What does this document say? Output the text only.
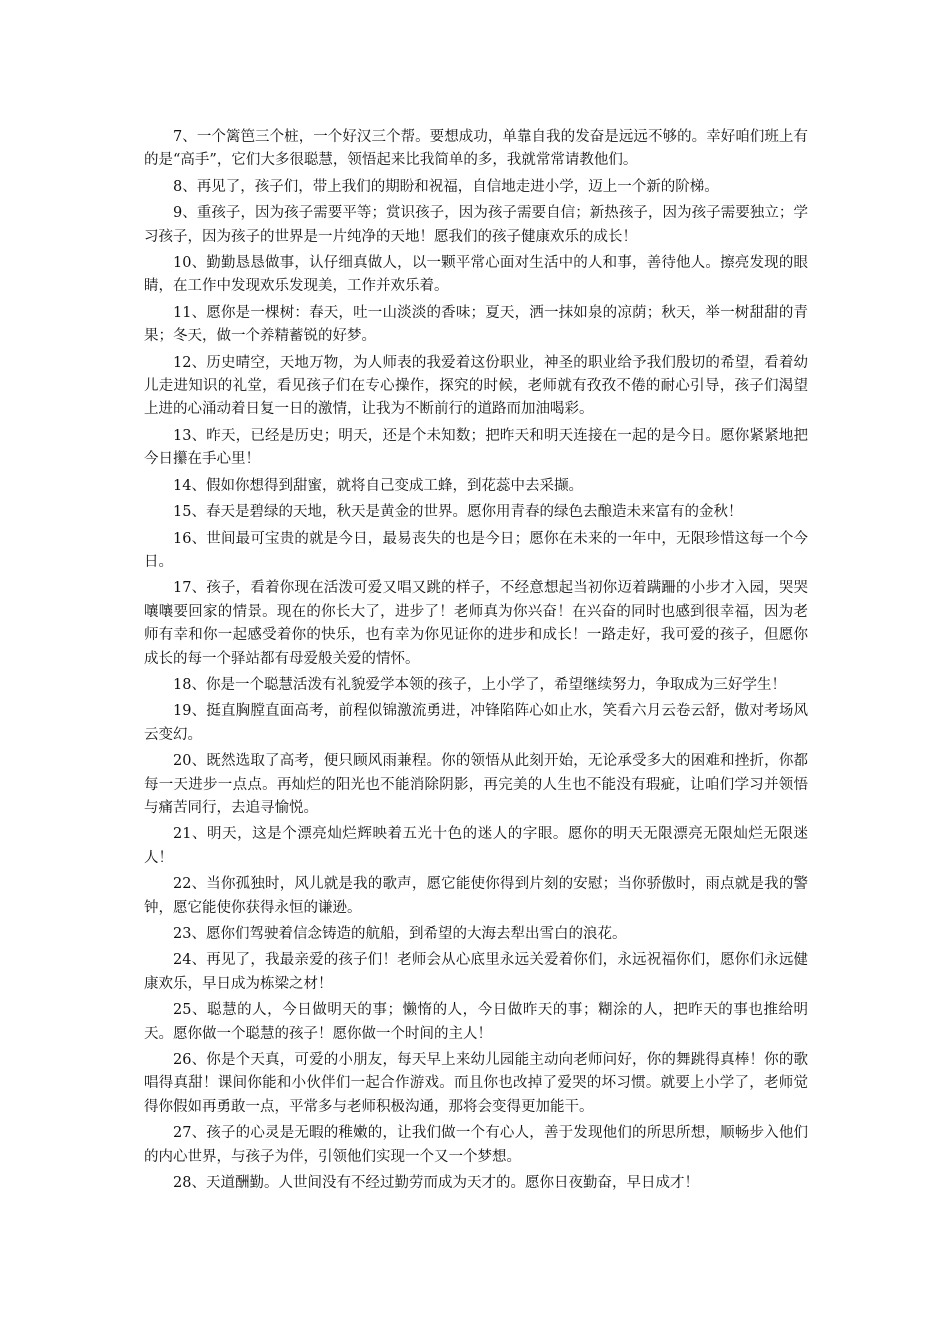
7、一个篱笆三个桩，一个好汉三个帮。要想成功，单靠自我的发奋是远远不够的。幸好咱们班上有的是“高手”，它们大多很聪慧，领悟起来比我简单的多，我就常常请教他们。

8、再见了，孩子们，带上我们的期盼和祝福，自信地走进小学，迈上一个新的阶梯。

9、重孩子，因为孩子需要平等；赏识孩子，因为孩子需要自信；新热孩子，因为孩子需要独立；学习孩子，因为孩子的世界是一片纯净的天地！愿我们的孩子健康欢乐的成长！

10、勤勤恳恳做事，认仔细真做人，以一颗平常心面对生活中的人和事，善待他人。擦亮发现的眼睛，在工作中发现欢乐发现美，工作并欢乐着。

11、愿你是一棵树：春天，吐一山淡淡的香味；夏天，洒一抹如泉的凉荫；秋天，举一树甜甜的青果；冬天，做一个养精蓄锐的好梦。

12、历史晴空，天地万物，为人师表的我爱着这份职业，神圣的职业给予我们殷切的希望，看着幼儿走进知识的礼堂，看见孩子们在专心操作，探究的时候，老师就有孜孜不倦的耐心引导，孩子们渴望上进的心涌动着日复一日的激情，让我为不断前行的道路而加油喝彩。

13、昨天，已经是历史；明天，还是个未知数；把昨天和明天连接在一起的是今日。愿你紧紧地把今日攥在手心里！

14、假如你想得到甜蜜，就将自己变成工蜂，到花蕊中去采撷。

15、春天是碧绿的天地，秋天是黄金的世界。愿你用青春的绿色去酿造未来富有的金秋！

16、世间最可宝贵的就是今日，最易丧失的也是今日；愿你在未来的一年中，无限珍惜这每一个今日。

17、孩子，看着你现在活泼可爱又唱又跳的样子，不经意想起当初你迈着蹒跚的小步才入园，哭哭嚷嚷要回家的情景。现在的你长大了，进步了！老师真为你兴奋！在兴奋的同时也感到很幸福，因为老师有幸和你一起感受着你的快乐，也有幸为你见证你的进步和成长！一路走好，我可爱的孩子，但愿你成长的每一个驿站都有母爱般关爱的情怀。

18、你是一个聪慧活泼有礼貌爱学本领的孩子，上小学了，希望继续努力，争取成为三好学生！

19、挺直胸膛直面高考，前程似锦激流勇进，冲锋陷阵心如止水，笑看六月云卷云舒，傲对考场风云变幻。

20、既然选取了高考，便只顾风雨兼程。你的领悟从此刻开始，无论承受多大的困难和挫折，你都每一天进步一点点。再灿烂的阳光也不能消除阴影，再完美的人生也不能没有瑕疵，让咱们学习并领悟与痛苦同行，去追寻愉悦。

21、明天，这是个漂亮灿烂辉映着五光十色的迷人的字眼。愿你的明天无限漂亮无限灿烂无限迷人！

22、当你孤独时，风儿就是我的歌声，愿它能使你得到片刻的安慰；当你骄傲时，雨点就是我的警钟，愿它能使你获得永恒的谦逊。

23、愿你们驾驶着信念铸造的航船，到希望的大海去犁出雪白的浪花。

24、再见了，我最亲爱的孩子们！老师会从心底里永远关爱着你们，永远祝福你们，愿你们永远健康欢乐，早日成为栋梁之材！

25、聪慧的人，今日做明天的事；懒惰的人，今日做昨天的事；糊涂的人，把昨天的事也推给明天。愿你做一个聪慧的孩子！愿你做一个时间的主人！

26、你是个天真，可爱的小朋友，每天早上来幼儿园能主动向老师问好，你的舞跳得真棒！你的歌唱得真甜！课间你能和小伙伴们一起合作游戏。而且你也改掉了爱哭的坏习惯。就要上小学了，老师觉得你假如再勇敢一点，平常多与老师积极沟通，那将会变得更加能干。

27、孩子的心灵是无暇的稚嫩的，让我们做一个有心人，善于发现他们的所思所想，顺畅步入他们的内心世界，与孩子为伴，引领他们实现一个又一个梦想。

28、天道酬勤。人世间没有不经过勤劳而成为天才的。愿你日夜勤奋，早日成才！
